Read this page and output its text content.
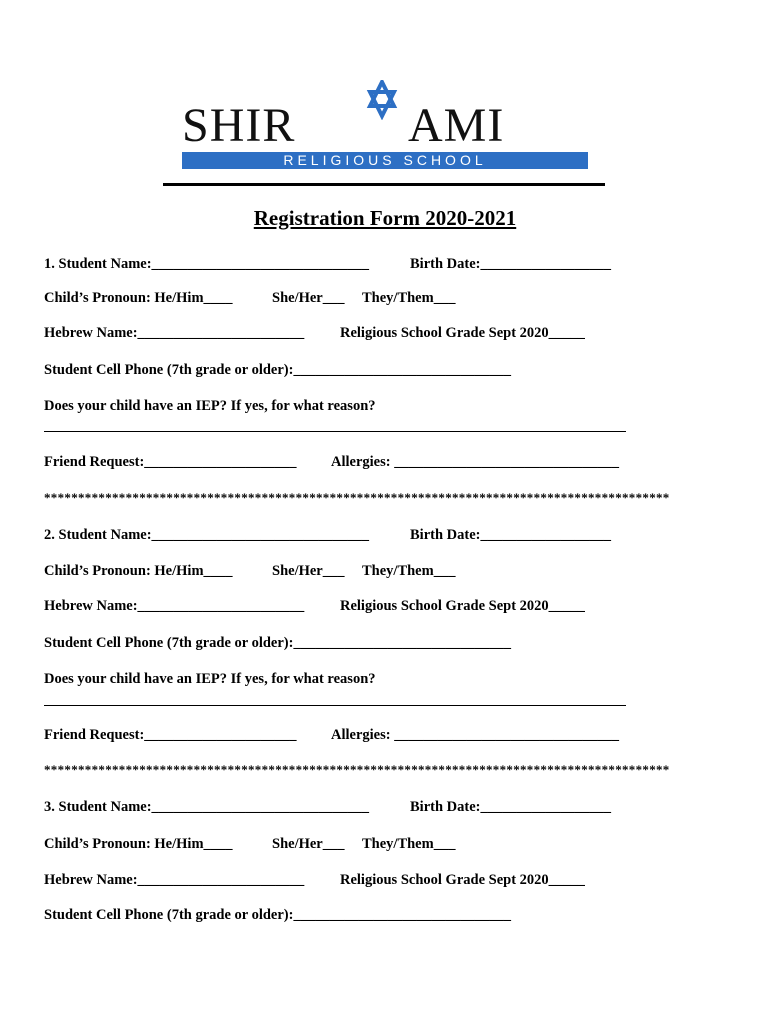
SHIR AMI
RELIGIOUS SCHOOL
Registration Form 2020-2021
1. Student Name:______________________________	Birth Date:__________________
Child’s Pronoun: He/Him____	She/Her___ They/Them___
Hebrew Name:_______________________ Religious School Grade Sept 2020_____
Student Cell Phone (7th grade or older):______________________________
Does your child have an IEP? If yes, for what reason?
Friend Request:_____________________ Allergies: _______________________________
********************************************************************************************
2. Student Name:______________________________	Birth Date:__________________
Child’s Pronoun: He/Him____	She/Her___ They/Them___
Hebrew Name:_______________________ Religious School Grade Sept 2020_____
Student Cell Phone (7th grade or older):______________________________
Does your child have an IEP? If yes, for what reason?
Friend Request:_____________________ Allergies: _______________________________
********************************************************************************************
3. Student Name:______________________________	Birth Date:__________________
Child’s Pronoun: He/Him____	She/Her___ They/Them___
Hebrew Name:_______________________ Religious School Grade Sept 2020_____
Student Cell Phone (7th grade or older):______________________________
